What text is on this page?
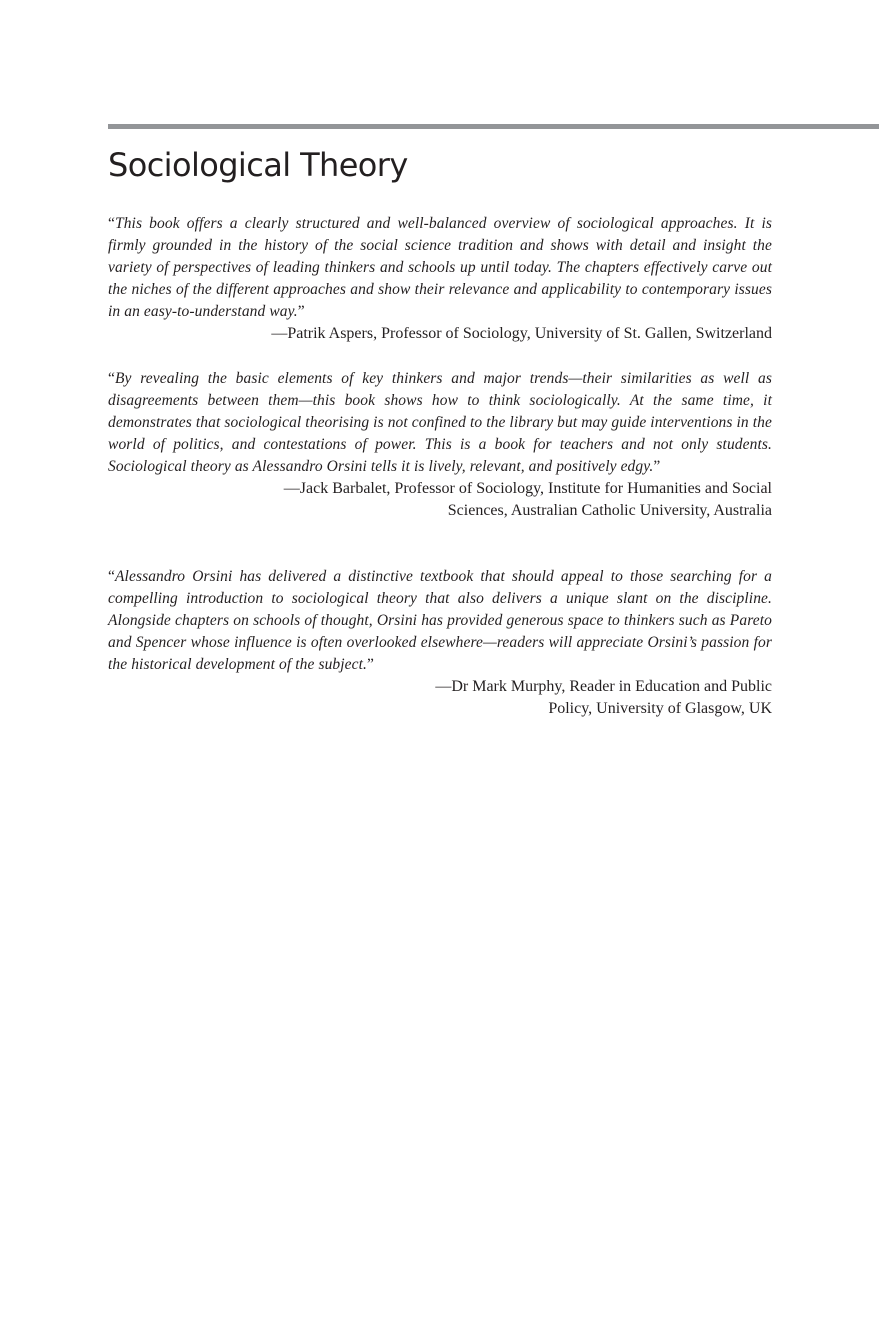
Sociological Theory

“This book offers a clearly structured and well-balanced overview of sociological approaches. It is firmly grounded in the history of the social science tradition and shows with detail and insight the variety of perspectives of leading thinkers and schools up until today. The chapters effectively carve out the niches of the different approaches and show their relevance and applicability to contemporary issues in an easy-to-understand way.”

—Patrik Aspers, Professor of Sociology, University of St. Gallen, Switzerland

“By revealing the basic elements of key thinkers and major trends—their similarities as well as disagreements between them—this book shows how to think sociologically. At the same time, it demonstrates that sociological theorising is not confined to the library but may guide interventions in the world of politics, and contestations of power. This is a book for teachers and not only students. Sociological theory as Alessandro Orsini tells it is lively, relevant, and positively edgy.”

—Jack Barbalet, Professor of Sociology, Institute for Humanities and Social
Sciences, Australian Catholic University, Australia

“Alessandro Orsini has delivered a distinctive textbook that should appeal to those searching for a compelling introduction to sociological theory that also delivers a unique slant on the discipline. Alongside chapters on schools of thought, Orsini has provided generous space to thinkers such as Pareto and Spencer whose influence is often overlooked elsewhere—readers will appreciate Orsini’s passion for the historical development of the subject.”

—Dr Mark Murphy, Reader in Education and Public
Policy, University of Glasgow, UK
